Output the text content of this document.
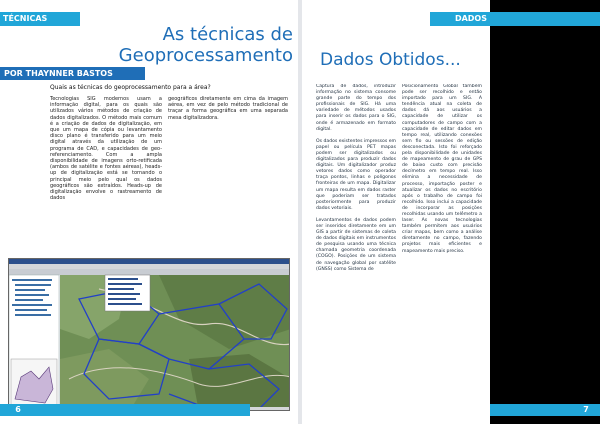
TÉCNICAS
As técnicas de Geoprocessamento
POR THAYNNER BASTOS
Quais as técnicas do geoprocessamento para a área?

Tecnologias SIG modernos usam a informação digital, para os quais são utilizados vários métodos de criação de dados digitalizados. O método mais comum é a criação de dados de digitalização, em que um mapa de cópia ou levantamento disco plano é transferido para um meio digital através da utilização de um programa de CAD, e capacidades de geo-referenciamento. Com a ampla disponibilidade de imagens orto-retificada (ambos de satélite e fontes aéreas), heads-up de digitalização está se tornando o principal meio pelo qual os dados geográficos são extraídos. Heads-up de digitalização envolve o rastreamento de dados

geográficos diretamente em cima da imagem aérea, em vez de pelo método tradicional de traçar a forma geográfica em uma separada mesa digitalizadora.

6
DADOS
Dados Obtidos...

Captura de dados, introduzir informação no sistema consome grande parte do tempo dos profissionais de SIG. Há uma variedade de métodos usados para inserir os dados para o SIG, onde é armazenado em formato digital.

Os dados existentes impressos em papel ou película PET mapas podem ser digitalizados ou digitalizados para produzir dados digitais. Um digitalizador produz vetores dados como operador traça pontos, linhas e polígonos fronteiras de um mapa. Digitalizar um mapa resulta em dados raster que poderiam ser tratados posteriormente para produzir dados vetoriais.

Levantamentos de dados podem ser inseridos diretamente em um GIS a partir de sistemas de coleta de dados digitais em instrumentos de pesquisa usando uma técnica chamada geometria coordenada (COGO). Posições de um sistema de navegação global por satélite (GNSS) como Sistema de

Posicionamento Global também pode ser recolhido e então importado para um SIG. A tendência atual na coleta de dados dá aos usuários a capacidade de utilizar os computadores de campo com a capacidade de editar dados em tempo real, utilizando conexões sem fio ou sessões de edição desconectada. Isto foi reforçado pela disponibilidade de unidades de mapeamento de grau de GPS de baixo custo com precisão decímetro em tempo real. Isso elimina a necessidade de processo, importação poster e atualizar os dados no escritório após o trabalho de campo foi recolhido. Isso inclui a capacidade de incorporar as posições recolhidas usando um telêmetro a laser. As novas tecnologias também permitem aos usuários criar mapas, bem como a análise diretamente no campo, fazendo projetos mais eficientes e mapeamento mais preciso.

7
